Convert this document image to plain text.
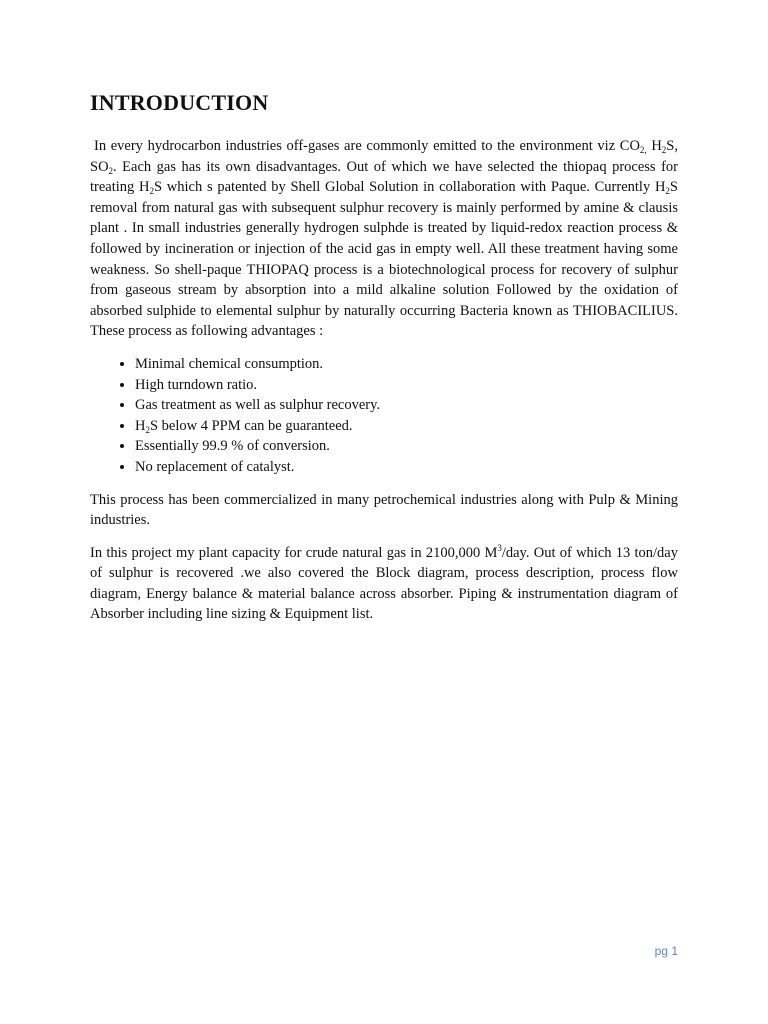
INTRODUCTION

In every hydrocarbon industries off-gases are commonly emitted to the environment viz $CO_{2,}$ $H_2S$, $SO_2$. Each gas has its own disadvantages. Out of which we have selected the thiopaq process for treating $H_2S$ which s patented by Shell Global Solution in collaboration with Paque. Currently $H_2S$ removal from natural gas with subsequent sulphur recovery is mainly performed by amine & clausis plant . In small industries generally hydrogen sulphde is treated by liquid-redox reaction process & followed by incineration or injection of the acid gas in empty well. All these treatment having some weakness. So shell-paque THIOPAQ process is a biotechnological process for recovery of sulphur from gaseous stream by absorption into a mild alkaline solution Followed by the oxidation of absorbed sulphide to elemental sulphur by naturally occurring Bacteria known as THIOBACILIUS. These process as following advantages :

• Minimal chemical consumption.
• High turndown ratio.
• Gas treatment as well as sulphur recovery.
• $H_2S$ below 4 PPM can be guaranteed.
• Essentially 99.9 % of conversion.
• No replacement of catalyst.

This process has been commercialized in many petrochemical industries along with Pulp & Mining industries.

In this project my plant capacity for crude natural gas in 2100,000 $M^3$/day. Out of which 13 ton/day of sulphur is recovered .we also covered the Block diagram, process description, process flow diagram, Energy balance & material balance across absorber. Piping & instrumentation diagram of Absorber including line sizing & Equipment list.

pg 1
